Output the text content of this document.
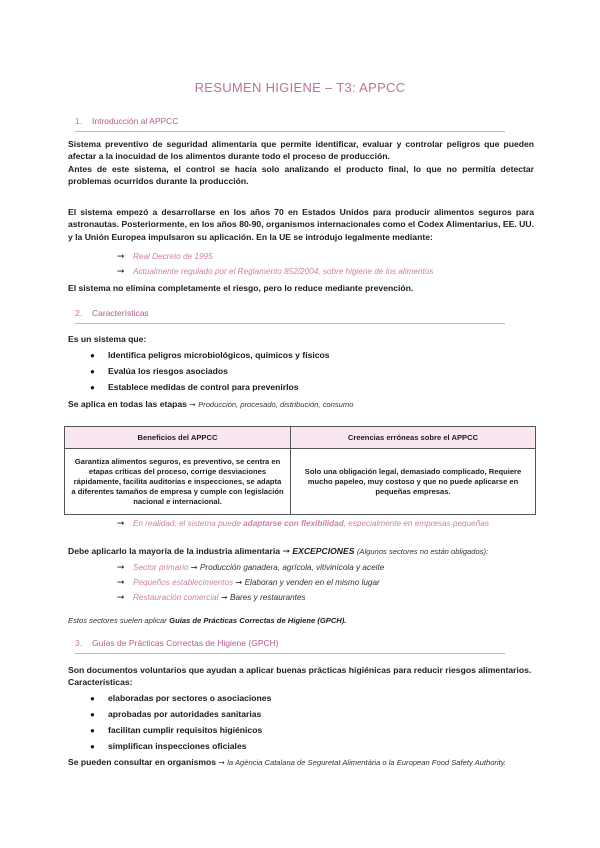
RESUMEN HIGIENE – T3: APPCC
1. Introducción al APPCC
Sistema preventivo de seguridad alimentaria que permite identificar, evaluar y controlar peligros que pueden afectar a la inocuidad de los alimentos durante todo el proceso de producción.
Antes de este sistema, el control se hacía solo analizando el producto final, lo que no permitía detectar problemas ocurridos durante la producción.
El sistema empezó a desarrollarse en los años 70 en Estados Unidos para producir alimentos seguros para astronautas. Posteriormente, en los años 80-90, organismos internacionales como el Codex Alimentarius, EE. UU. y la Unión Europea impulsaron su aplicación. En la UE se introdujo legalmente mediante:
➞ Real Decreto de 1995
➞ Actualmente regulado por el Reglamento 852/2004, sobre higiene de los alimentos
El sistema no elimina completamente el riesgo, pero lo reduce mediante prevención.
2. Características
Es un sistema que:
● Identifica peligros microbiológicos, químicos y físicos
● Evalúa los riesgos asociados
● Establece medidas de control para prevenirlos
Se aplica en todas las etapas ➞ Producción, procesado, distribución, consumo
Beneficios del APPCC	Creencias erróneas sobre el APPCC
Garantiza alimentos seguros, es preventivo, se centra en etapas críticas del proceso, corrige desviaciones rápidamente, facilita auditorías e inspecciones, se adapta a diferentes tamaños de empresa y cumple con legislación nacional e internacional.	Solo una obligación legal, demasiado complicado, Requiere mucho papeleo, muy costoso y que no puede aplicarse en pequeñas empresas.
➞ En realidad, el sistema puede adaptarse con flexibilidad, especialmente en empresas pequeñas
Debe aplicarlo la mayoría de la industria alimentaria ➞ EXCEPCIONES (Algunos sectores no están obligados):
➞ Sector primario ➞ Producción ganadera, agrícola, vitivinícola y aceite
➞ Pequeños establecimientos ➞ Elaboran y venden en el mismo lugar
➞ Restauración comercial ➞ Bares y restaurantes
Estos sectores suelen aplicar Guías de Prácticas Correctas de Higiene (GPCH).
3. Guías de Prácticas Correctas de Higiene (GPCH)
Son documentos voluntarios que ayudan a aplicar buenas prácticas higiénicas para reducir riesgos alimentarios. Características:
● elaboradas por sectores o asociaciones
● aprobadas por autoridades sanitarias
● facilitan cumplir requisitos higiénicos
● simplifican inspecciones oficiales
Se pueden consultar en organismos ➞ la Agència Catalana de Seguretat Alimentària o la European Food Safety Authority.
